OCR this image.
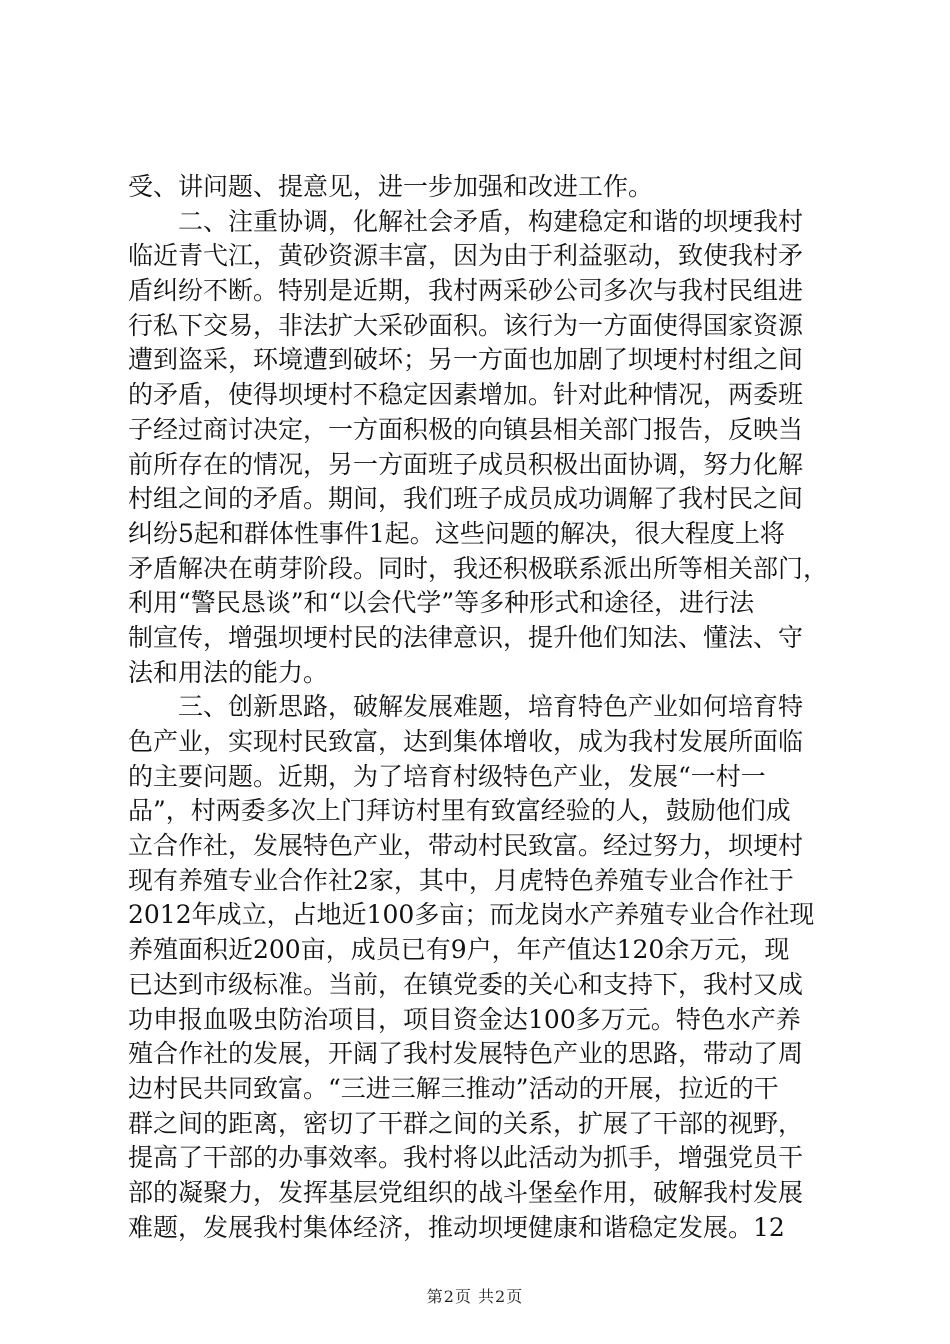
受、讲问题、提意见，进一步加强和改进工作。
　　二、注重协调，化解社会矛盾，构建稳定和谐的坝埂我村
临近青弋江，黄砂资源丰富，因为由于利益驱动，致使我村矛
盾纠纷不断。特别是近期，我村两采砂公司多次与我村民组进
行私下交易，非法扩大采砂面积。该行为一方面使得国家资源
遭到盗采，环境遭到破坏；另一方面也加剧了坝埂村村组之间
的矛盾，使得坝埂村不稳定因素增加。针对此种情况，两委班
子经过商讨决定，一方面积极的向镇县相关部门报告，反映当
前所存在的情况，另一方面班子成员积极出面协调，努力化解
村组之间的矛盾。期间，我们班子成员成功调解了我村民之间
纠纷5起和群体性事件1起。这些问题的解决，很大程度上将
矛盾解决在萌芽阶段。同时，我还积极联系派出所等相关部门，
利用“警民恳谈”和“以会代学”等多种形式和途径，进行法
制宣传，增强坝埂村民的法律意识，提升他们知法、懂法、守
法和用法的能力。
　　三、创新思路，破解发展难题，培育特色产业如何培育特
色产业，实现村民致富，达到集体增收，成为我村发展所面临
的主要问题。近期，为了培育村级特色产业，发展“一村一
品”，村两委多次上门拜访村里有致富经验的人，鼓励他们成
立合作社，发展特色产业，带动村民致富。经过努力，坝埂村
现有养殖专业合作社2家，其中，月虎特色养殖专业合作社于
2012年成立，占地近100多亩；而龙岗水产养殖专业合作社现
养殖面积近200亩，成员已有9户，年产值达120余万元，现
已达到市级标准。当前，在镇党委的关心和支持下，我村又成
功申报血吸虫防治项目，项目资金达100多万元。特色水产养
殖合作社的发展，开阔了我村发展特色产业的思路，带动了周
边村民共同致富。“三进三解三推动”活动的开展，拉近的干
群之间的距离，密切了干群之间的关系，扩展了干部的视野，
提高了干部的办事效率。我村将以此活动为抓手，增强党员干
部的凝聚力，发挥基层党组织的战斗堡垒作用，破解我村发展
难题，发展我村集体经济，推动坝埂健康和谐稳定发展。12
第2页 共2页
